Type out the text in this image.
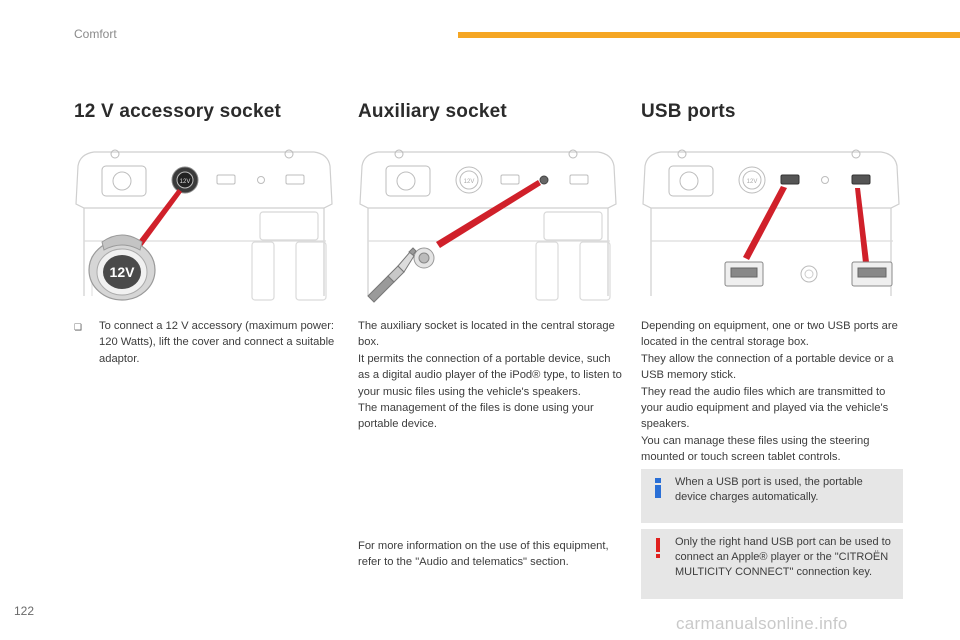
Comfort
12 V accessory socket	Auxiliary socket	USB ports
12V
12V
12V	12V
❏ To connect a 12 V accessory (maximum power: 120 Watts), lift the cover and connect a suitable adaptor.

The auxiliary socket is located in the central storage box.

It permits the connection of a portable device, such as a digital audio player of the iPod® type, to listen to your music files using the vehicle's speakers.

The management of the files is done using your portable device.

For more information on the use of this equipment, refer to the "Audio and telematics" section.

Depending on equipment, one or two USB ports are located in the central storage box.

They allow the connection of a portable device or a USB memory stick.

They read the audio files which are transmitted to your audio equipment and played via the vehicle's speakers.

You can manage these files using the steering mounted or touch screen tablet controls.

When a USB port is used, the portable device charges automatically.
Only the right hand USB port can be used to connect an Apple® player or the "CITROËN MULTICITY CONNECT" connection key.
122
carmanualsonline.info
